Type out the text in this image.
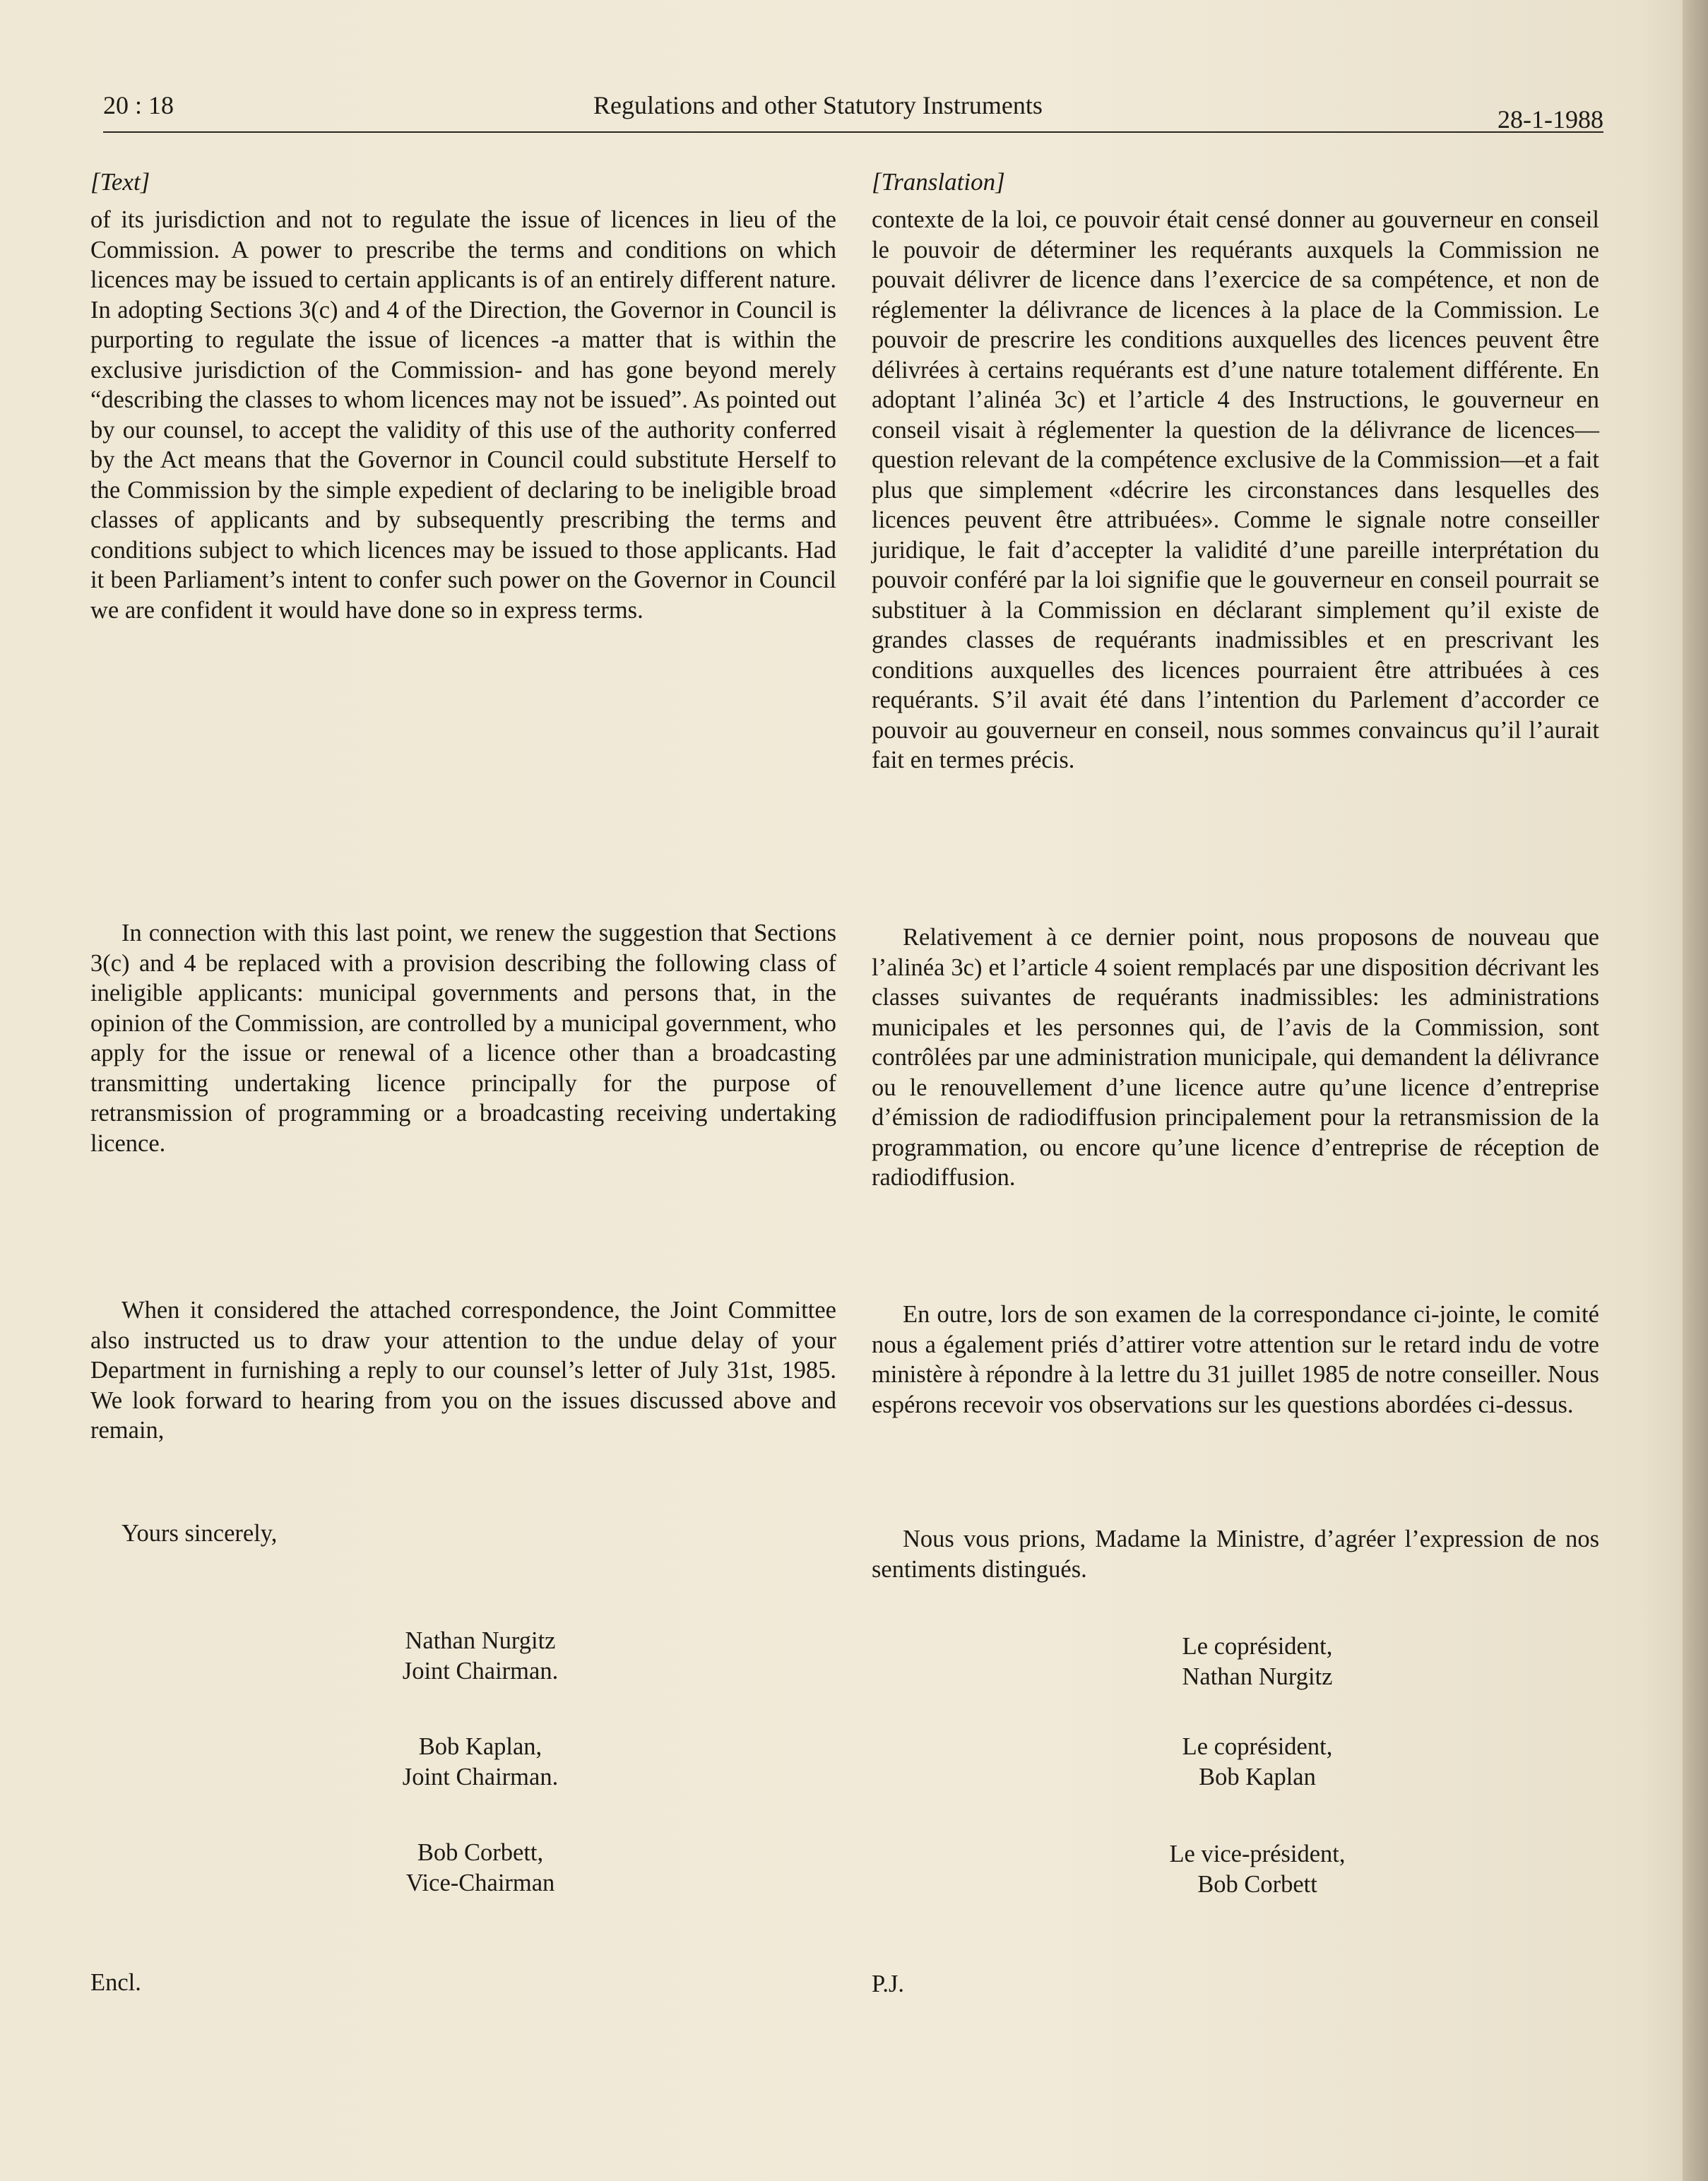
20 : 18	Regulations and other Statutory Instruments	28-1-1988
[Text]
of its jurisdiction and not to regulate the issue of licences in lieu of the Commission. A power to prescribe the terms and conditions on which licences may be issued to certain applicants is of an entirely different nature. In adopting Sections 3(c) and 4 of the Direction, the Governor in Council is purporting to regulate the issue of licences -a matter that is within the exclusive jurisdiction of the Commission- and has gone beyond merely “describing the classes to whom licences may not be issued”. As pointed out by our counsel, to accept the validity of this use of the authority conferred by the Act means that the Governor in Council could substitute Herself to the Commission by the simple expedient of declaring to be ineligible broad classes of applicants and by subsequently prescribing the terms and conditions subject to which licences may be issued to those applicants. Had it been Parliament’s intent to confer such power on the Governor in Council we are confident it would have done so in express terms.
In connection with this last point, we renew the suggestion that Sections 3(c) and 4 be replaced with a provision describing the following class of ineligible applicants: municipal governments and persons that, in the opinion of the Commission, are controlled by a municipal government, who apply for the issue or renewal of a licence other than a broadcasting transmitting undertaking licence principally for the purpose of retransmission of programming or a broadcasting receiving undertaking licence.
When it considered the attached correspondence, the Joint Committee also instructed us to draw your attention to the undue delay of your Department in furnishing a reply to our counsel’s letter of July 31st, 1985. We look forward to hearing from you on the issues discussed above and remain,
Yours sincerely,
Nathan Nurgitz
Joint Chairman.
Bob Kaplan,
Joint Chairman.
Bob Corbett,
Vice-Chairman
Encl.
[Translation]
contexte de la loi, ce pouvoir était censé donner au gouverneur en conseil le pouvoir de déterminer les requérants auxquels la Commission ne pouvait délivrer de licence dans l’exercice de sa compétence, et non de réglementer la délivrance de licences à la place de la Commission. Le pouvoir de prescrire les conditions auxquelles des licences peuvent être délivrées à certains requérants est d’une nature totalement différente. En adoptant l’alinéa 3c) et l’article 4 des Instructions, le gouverneur en conseil visait à réglementer la question de la délivrance de licences—question relevant de la compétence exclusive de la Commission—et a fait plus que simplement «décrire les circonstances dans lesquelles des licences peuvent être attribuées». Comme le signale notre conseiller juridique, le fait d’accepter la validité d’une pareille interprétation du pouvoir conféré par la loi signifie que le gouverneur en conseil pourrait se substituer à la Commission en déclarant simplement qu’il existe de grandes classes de requérants inadmissibles et en prescrivant les conditions auxquelles des licences pourraient être attribuées à ces requérants. S’il avait été dans l’intention du Parlement d’accorder ce pouvoir au gouverneur en conseil, nous sommes convaincus qu’il l’aurait fait en termes précis.
Relativement à ce dernier point, nous proposons de nouveau que l’alinéa 3c) et l’article 4 soient remplacés par une disposition décrivant les classes suivantes de requérants inadmissibles: les administrations municipales et les personnes qui, de l’avis de la Commission, sont contrôlées par une administration municipale, qui demandent la délivrance ou le renouvellement d’une licence autre qu’une licence d’entreprise d’émission de radiodiffusion principalement pour la retransmission de la programmation, ou encore qu’une licence d’entreprise de réception de radiodiffusion.
En outre, lors de son examen de la correspondance ci-jointe, le comité nous a également priés d’attirer votre attention sur le retard indu de votre ministère à répondre à la lettre du 31 juillet 1985 de notre conseiller. Nous espérons recevoir vos observations sur les questions abordées ci-dessus.
Nous vous prions, Madame la Ministre, d’agréer l’expression de nos sentiments distingués.
Le coprésident,
Nathan Nurgitz
Le coprésident,
Bob Kaplan
Le vice-président,
Bob Corbett
P.J.
